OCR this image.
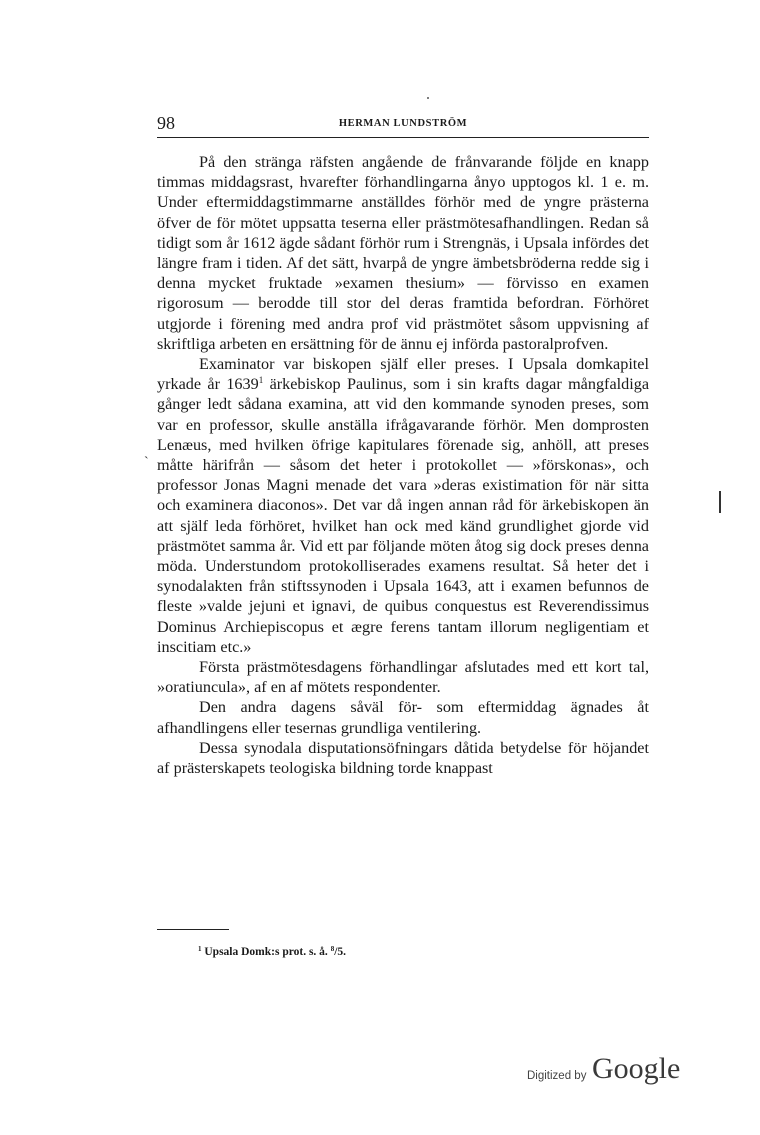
98	HERMAN LUNDSTRÖM

På den stränga räfsten angående de frånvarande följde en knapp timmas middagsrast, hvarefter förhandlingarna ånyo upptogos kl. 1 e. m. Under eftermiddagstimmarne anställdes förhör med de yngre prästerna öfver de för mötet uppsatta teserna eller prästmötesafhandlingen. Redan så tidigt som år 1612 ägde sådant förhör rum i Strengnäs, i Upsala infördes det längre fram i tiden. Af det sätt, hvarpå de yngre ämbetsbröderna redde sig i denna mycket fruktade »examen thesium» — förvisso en examen rigorosum — berodde till stor del deras framtida befordran. Förhöret utgjorde i förening med andra prof vid prästmötet såsom uppvisning af skriftliga arbeten en ersättning för de ännu ej införda pastoralprofven.

Examinator var biskopen själf eller preses. I Upsala domkapitel yrkade år 1639$^1$ ärkebiskop Paulinus, som i sin krafts dagar mångfaldiga gånger ledt sådana examina, att vid den kommande synoden preses, som var en professor, skulle anställa ifrågavarande förhör. Men domprosten Lenæus, med hvilken öfrige kapitulares förenade sig, anhöll, att preses måtte härifrån — såsom det heter i protokollet — »förskonas», och professor Jonas Magni menade det vara »deras existimation för när sitta och examinera diaconos». Det var då ingen annan råd för ärkebiskopen än att själf leda förhöret, hvilket han ock med känd grundlighet gjorde vid prästmötet samma år. Vid ett par följande möten åtog sig dock preses denna möda. Understundom protokolliserades examens resultat. Så heter det i synodalakten från stiftssynoden i Upsala 1643, att i examen befunnos de fleste »valde jejuni et ignavi, de quibus conquestus est Reverendissimus Dominus Archiepiscopus et ægre ferens tantam illorum negligentiam et inscitiam etc.»

Första prästmötesdagens förhandlingar afslutades med ett kort tal, »oratiuncula», af en af mötets respondenter.

Den andra dagens såväl för- som eftermiddag ägnades åt afhandlingens eller tesernas grundliga ventilering.

Dessa synodala disputationsöfningars dåtida betydelse för höjandet af prästerskapets teologiska bildning torde knappast

`
$^1$ Upsala Domk:s prot. s. å. $^8$/5.
Digitized by Google
